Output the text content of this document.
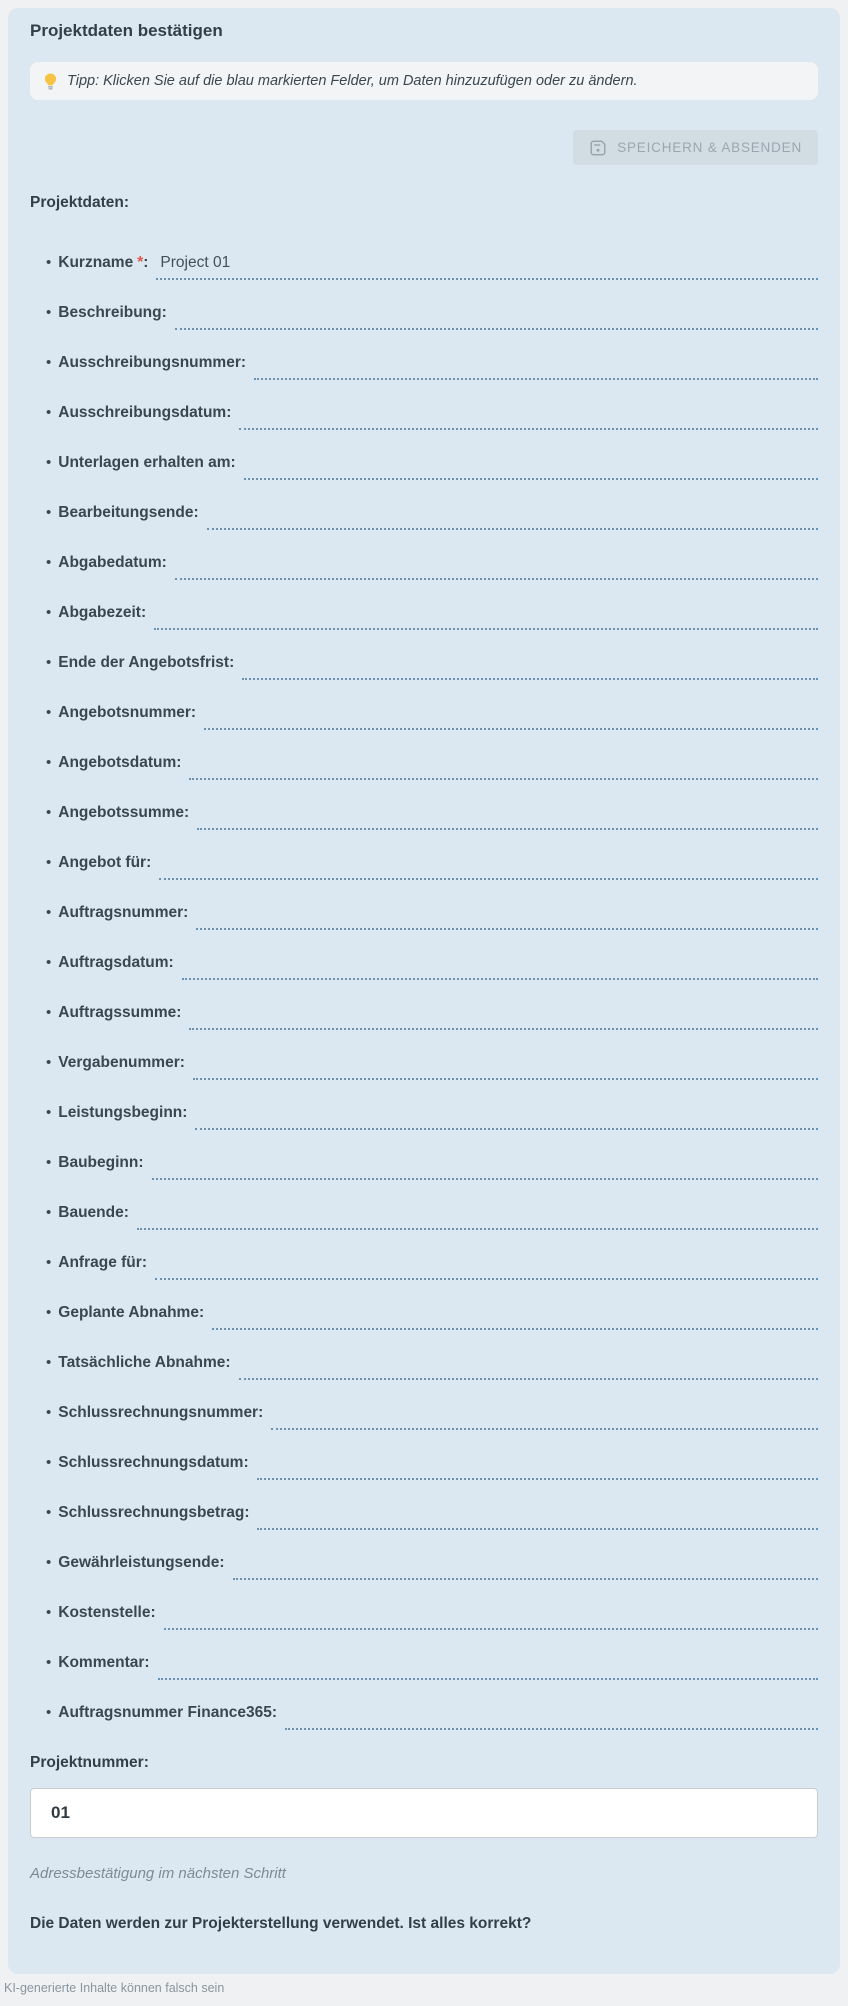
Projektdaten bestätigen
Tipp: Klicken Sie auf die blau markierten Felder, um Daten hinzuzufügen oder zu ändern.
SPEICHERN & ABSENDEN
Projektdaten:
• Kurzname *: Project 01
• Beschreibung:
• Ausschreibungsnummer:
• Ausschreibungsdatum:
• Unterlagen erhalten am:
• Bearbeitungsende:
• Abgabedatum:
• Abgabezeit:
• Ende der Angebotsfrist:
• Angebotsnummer:
• Angebotsdatum:
• Angebotssumme:
• Angebot für:
• Auftragsnummer:
• Auftragsdatum:
• Auftragssumme:
• Vergabenummer:
• Leistungsbeginn:
• Baubeginn:
• Bauende:
• Anfrage für:
• Geplante Abnahme:
• Tatsächliche Abnahme:
• Schlussrechnungsnummer:
• Schlussrechnungsdatum:
• Schlussrechnungsbetrag:
• Gewährleistungsende:
• Kostenstelle:
• Kommentar:
• Auftragsnummer Finance365:
Projektnummer:
01
Adressbestätigung im nächsten Schritt
Die Daten werden zur Projekterstellung verwendet. Ist alles korrekt?
KI-generierte Inhalte können falsch sein
